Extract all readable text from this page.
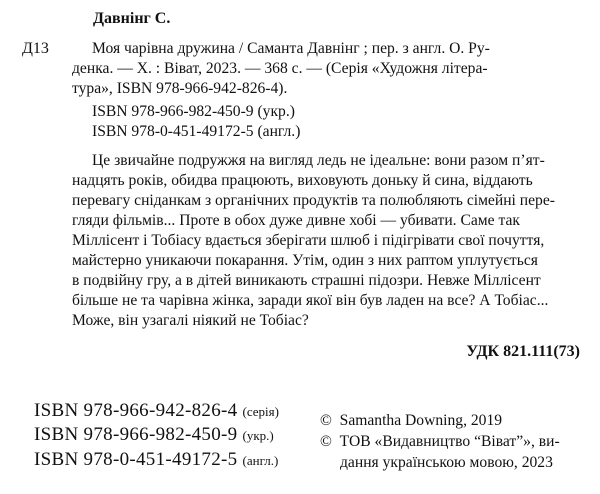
Давнінг С.
Д13	Моя чарівна дружина / Саманта Давнінг ; пер. з англ. О. Ру-
денка. — Х. : Віват, 2023. — 368 с. — (Серія «Художня літера-
тура», ISBN 978-966-942-826-4).
ISBN 978-966-982-450-9 (укр.)
ISBN 978-0-451-49172-5 (англ.)
Це звичайне подружжя на вигляд ледь не ідеальне: вони разом п’ят-
надцять років, обидва працюють, виховують доньку й сина, віддають
перевагу сніданкам з органічних продуктів та полюбляють сімейні пере-
гляди фільмів... Проте в обох дуже дивне хобі — убивати. Саме так
Міллісент і Тобіасу вдається зберігати шлюб і підігрівати свої почуття,
майстерно уникаючи покарання. Утім, один з них раптом уплутується
в подвійну гру, а в дітей виникають страшні підозри. Невже Міллісент
більше не та чарівна жінка, заради якої він був ладен на все? А Тобіас...
Може, він узагалі ніякий не Тобіас?
УДК 821.111(73)
ISBN 978-966-942-826-4 (серія)
ISBN 978-966-982-450-9 (укр.)
ISBN 978-0-451-49172-5 (англ.)
© Samantha Downing, 2019
© ТОВ «Видавництво “Віват”», ви-
дання українською мовою, 2023
